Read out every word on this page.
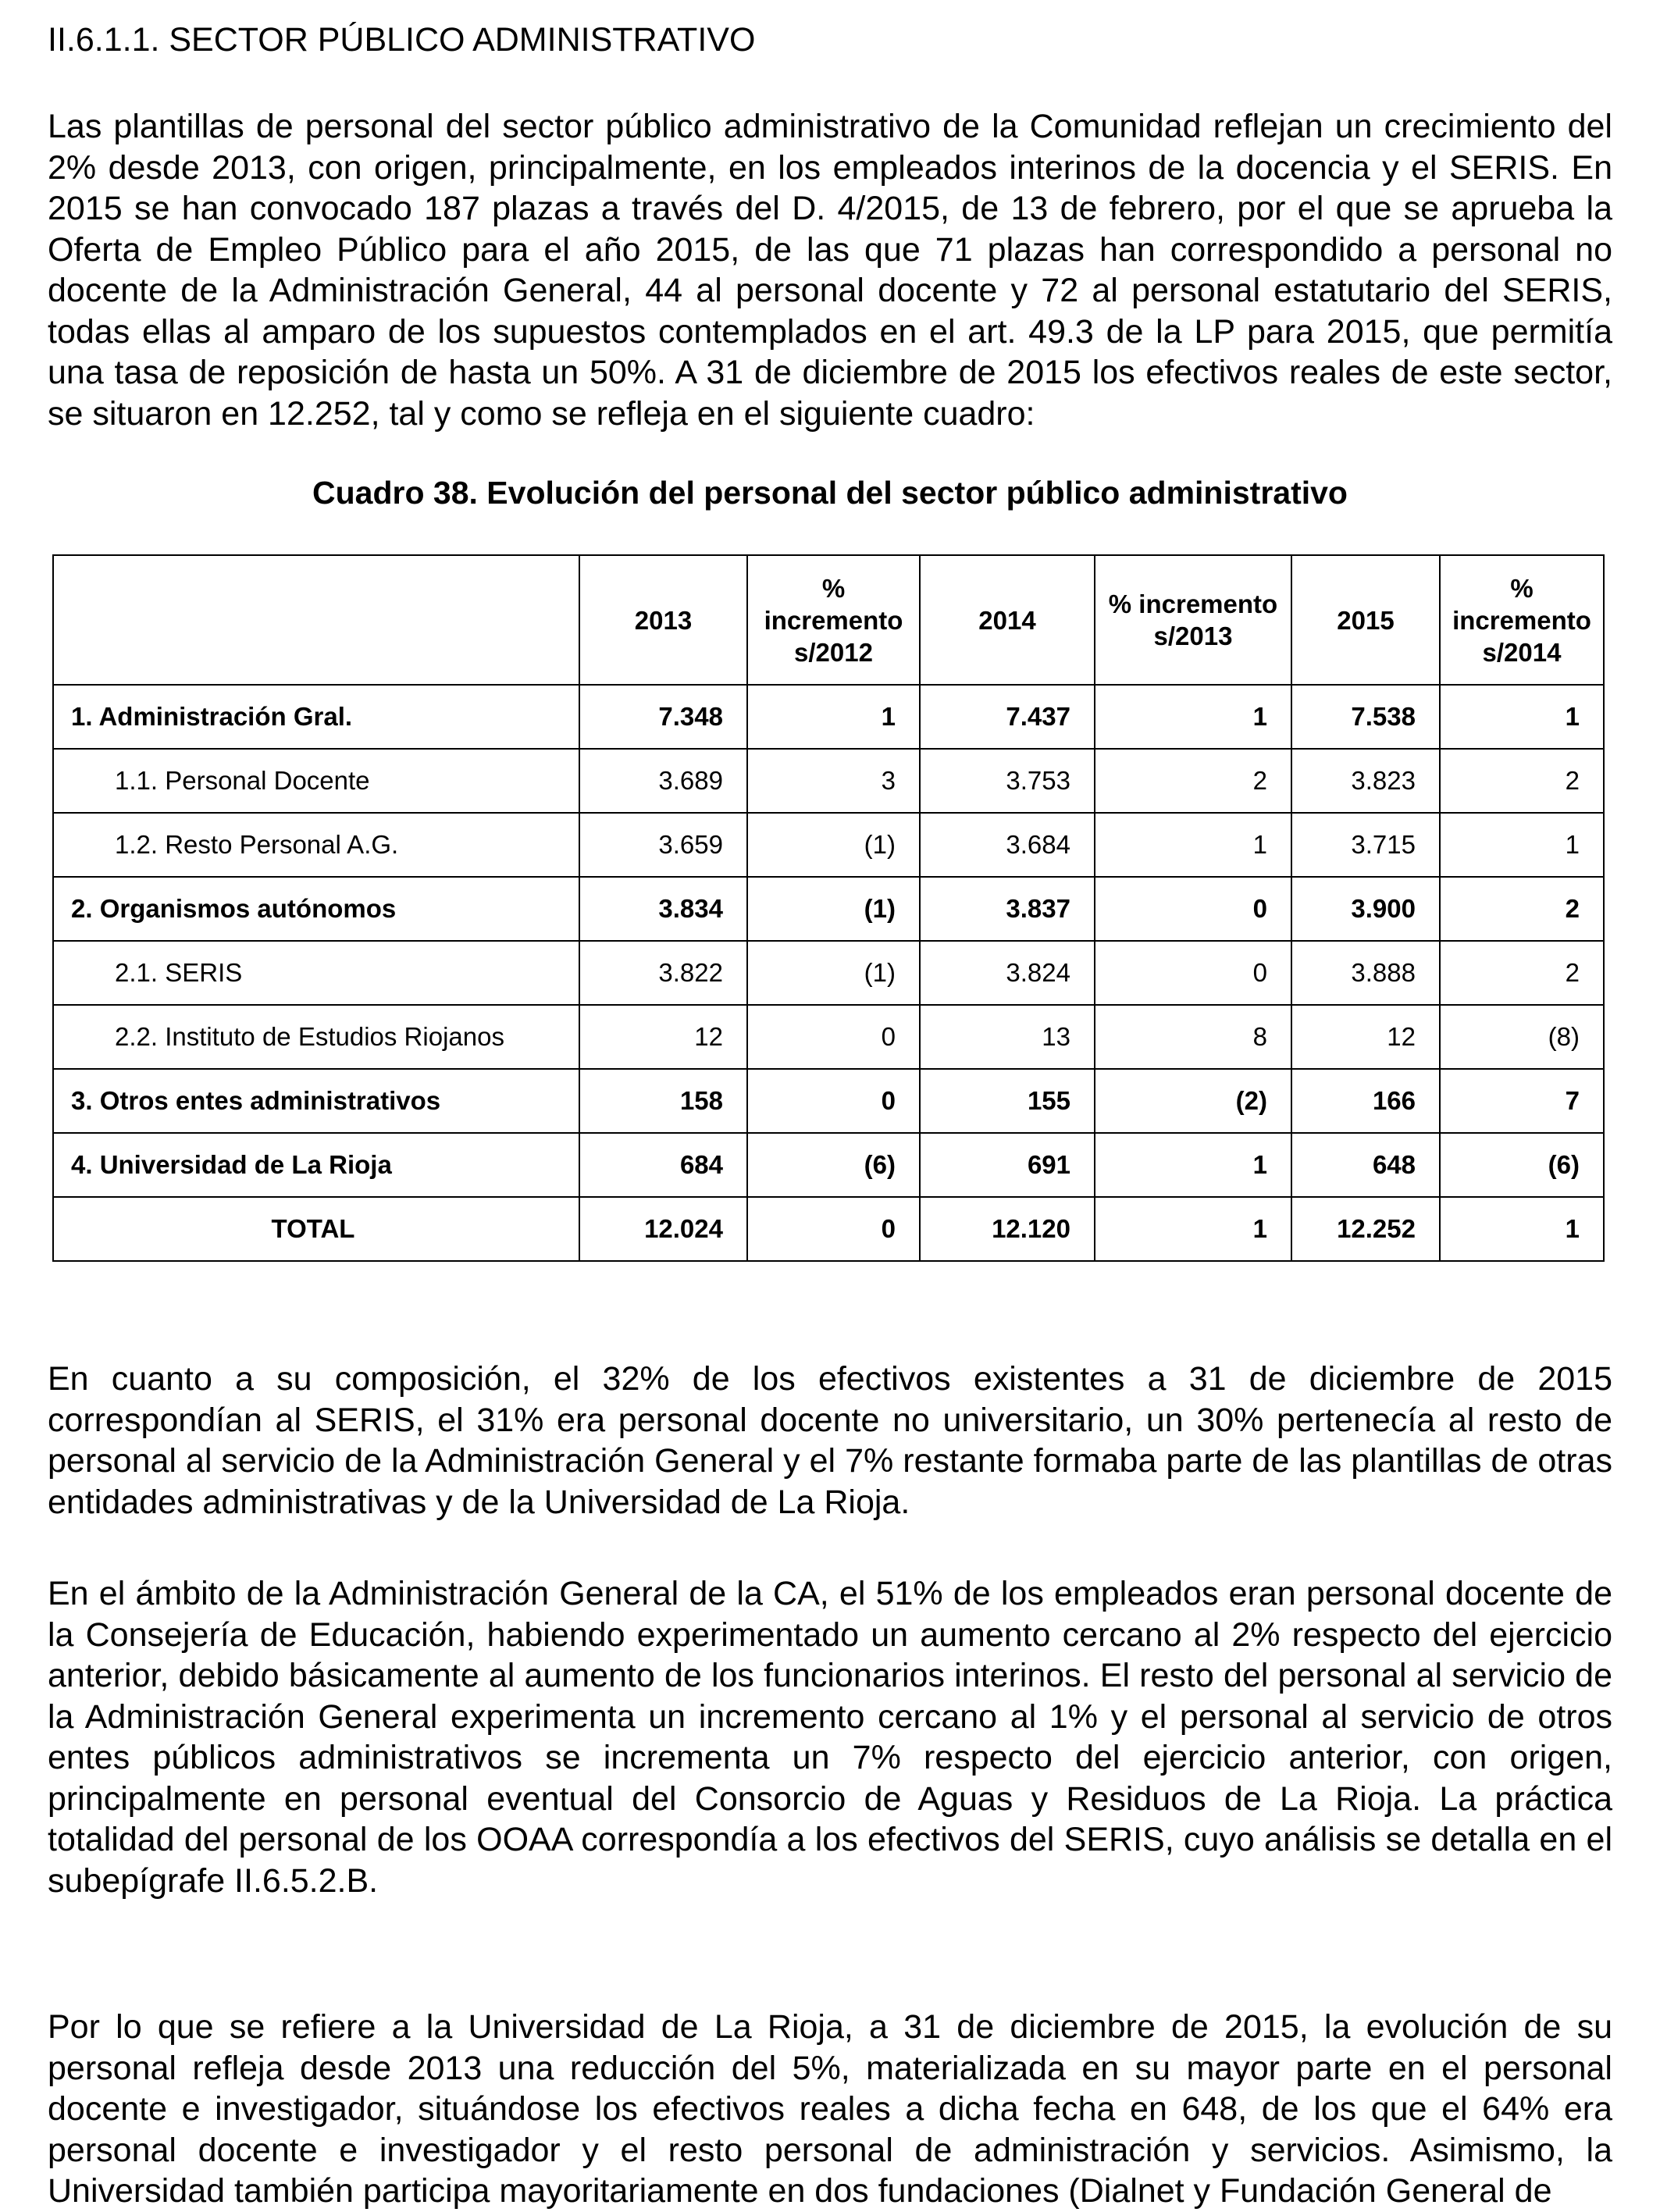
II.6.1.1. SECTOR PÚBLICO ADMINISTRATIVO

Las plantillas de personal del sector público administrativo de la Comunidad reflejan un crecimiento del 2% desde 2013, con origen, principalmente, en los empleados interinos de la docencia y el SERIS. En 2015 se han convocado 187 plazas a través del D. 4/2015, de 13 de febrero, por el que se aprueba la Oferta de Empleo Público para el año 2015, de las que 71 plazas han correspondido a personal no docente de la Administración General, 44 al personal docente y 72 al personal estatutario del SERIS, todas ellas al amparo de los supuestos contemplados en el art. 49.3 de la LP para 2015, que permitía una tasa de reposición de hasta un 50%. A 31 de diciembre de 2015 los efectivos reales de este sector, se situaron en 12.252, tal y como se refleja en el siguiente cuadro:

Cuadro 38. Evolución del personal del sector público administrativo
	2013	% incremento s/2012	2014	% incremento s/2013	2015	% incremento s/2014
1. Administración Gral.	7.348	1	7.437	1	7.538	1
1.1. Personal Docente	3.689	3	3.753	2	3.823	2
1.2. Resto Personal A.G.	3.659	(1)	3.684	1	3.715	1
2. Organismos autónomos	3.834	(1)	3.837	0	3.900	2
2.1. SERIS	3.822	(1)	3.824	0	3.888	2
2.2. Instituto de Estudios Riojanos	12	0	13	8	12	(8)
3. Otros entes administrativos	158	0	155	(2)	166	7
4. Universidad de La Rioja	684	(6)	691	1	648	(6)
TOTAL	12.024	0	12.120	1	12.252	1

En cuanto a su composición, el 32% de los efectivos existentes a 31 de diciembre de 2015 correspondían al SERIS, el 31% era personal docente no universitario, un 30% pertenecía al resto de personal al servicio de la Administración General y el 7% restante formaba parte de las plantillas de otras entidades administrativas y de la Universidad de La Rioja.

En el ámbito de la Administración General de la CA, el 51% de los empleados eran personal docente de la Consejería de Educación, habiendo experimentado un aumento cercano al 2% respecto del ejercicio anterior, debido básicamente al aumento de los funcionarios interinos. El resto del personal al servicio de la Administración General experimenta un incremento cercano al 1% y el personal al servicio de otros entes públicos administrativos se incrementa un 7% respecto del ejercicio anterior, con origen, principalmente en personal eventual del Consorcio de Aguas y Residuos de La Rioja. La práctica totalidad del personal de los OOAA correspondía a los efectivos del SERIS, cuyo análisis se detalla en el subepígrafe II.6.5.2.B.

Por lo que se refiere a la Universidad de La Rioja, a 31 de diciembre de 2015, la evolución de su personal refleja desde 2013 una reducción del 5%, materializada en su mayor parte en el personal docente e investigador, situándose los efectivos reales a dicha fecha en 648, de los que el 64% era personal docente e investigador y el resto personal de administración y servicios. Asimismo, la Universidad también participa mayoritariamente en dos fundaciones (Dialnet y Fundación General de
